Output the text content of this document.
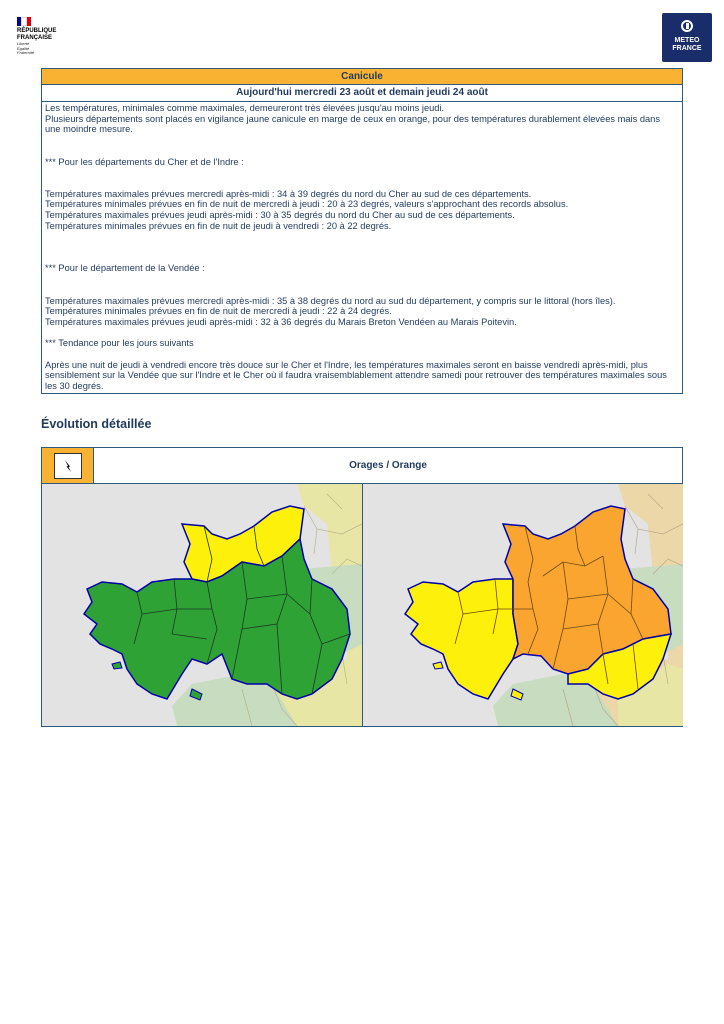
RÉPUBLIQUE
FRANÇAISE
Liberté
Égalité
Fraternité
METEO
FRANCE
Canicule
Aujourd'hui mercredi 23 août et demain jeudi 24 août

Les températures, minimales comme maximales, demeureront très élevées jusqu'au moins jeudi.

Plusieurs départements sont placés en vigilance jaune canicule en marge de ceux en orange, pour des températures durablement élevées mais dans une moindre mesure.

*** Pour les départements du Cher et de l'Indre :

Températures maximales prévues mercredi après-midi : 34 à 39 degrés du nord du Cher au sud de ces départements.

Températures minimales prévues en fin de nuit de mercredi à jeudi : 20 à 23 degrés, valeurs s'approchant des records absolus.

Températures maximales prévues jeudi après-midi : 30 à 35 degrés du nord du Cher au sud de ces départements.

Températures minimales prévues en fin de nuit de jeudi à vendredi : 20 à 22 degrés.

*** Pour le département de la Vendée :

Températures maximales prévues mercredi après-midi : 35 à 38 degrés du nord au sud du département, y compris sur le littoral (hors îles).

Températures minimales prévues en fin de nuit de mercredi à jeudi : 22 à 24 degrés.

Températures maximales prévues jeudi après-midi : 32 à 36 degrés du Marais Breton Vendéen au Marais Poitevin.

*** Tendance pour les jours suivants

Après une nuit de jeudi à vendredi encore très douce sur le Cher et l'Indre, les températures maximales seront en baisse vendredi après-midi, plus sensiblement sur la Vendée que sur l'Indre et le Cher où il faudra vraisemblablement attendre samedi pour retrouver des températures maximales sous les 30 degrés.

Évolution détaillée
Orages / Orange
